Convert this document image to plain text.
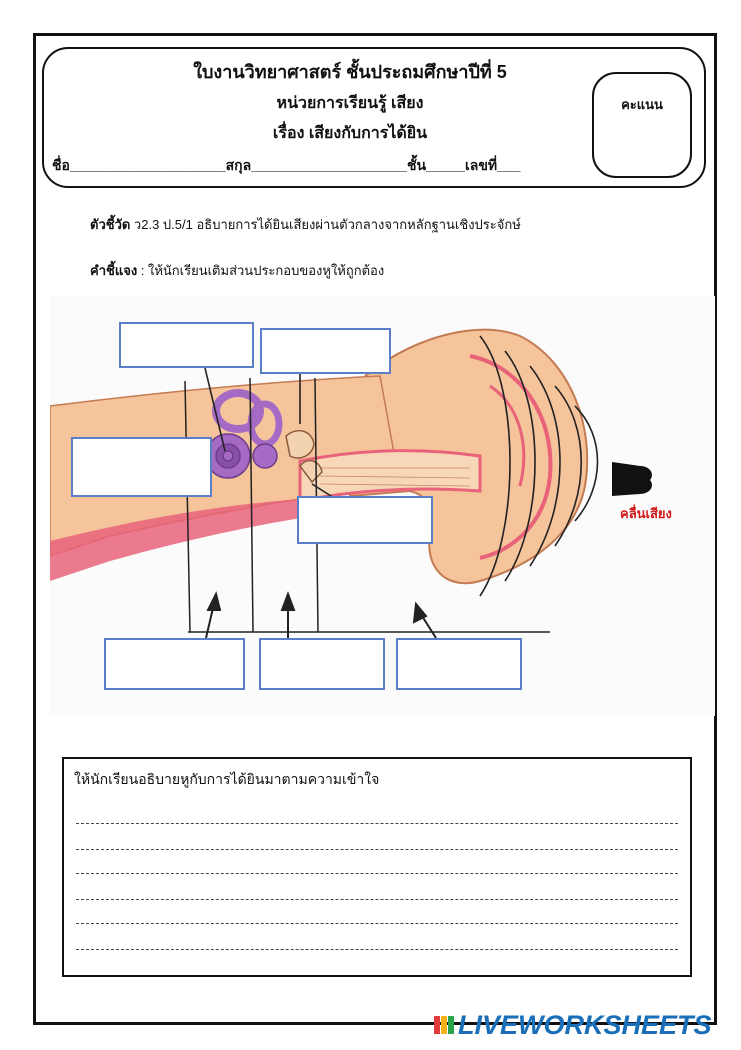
ใบงานวิทยาศาสตร์ ชั้นประถมศึกษาปีที่ 5
หน่วยการเรียนรู้ เสียง
เรื่อง เสียงกับการได้ยิน
ชื่อ____________________สกุล____________________ชั้น_____เลขที่___
คะแนน
ตัวชี้วัด ว2.3 ป.5/1 อธิบายการได้ยินเสียงผ่านตัวกลางจากหลักฐานเชิงประจักษ์
คำชี้แจง : ให้นักเรียนเติมส่วนประกอบของหูให้ถูกต้อง
คลื่นเสียง
ให้นักเรียนอธิบายหูกับการได้ยินมาตามความเข้าใจ
LIVEWORKSHEETS
